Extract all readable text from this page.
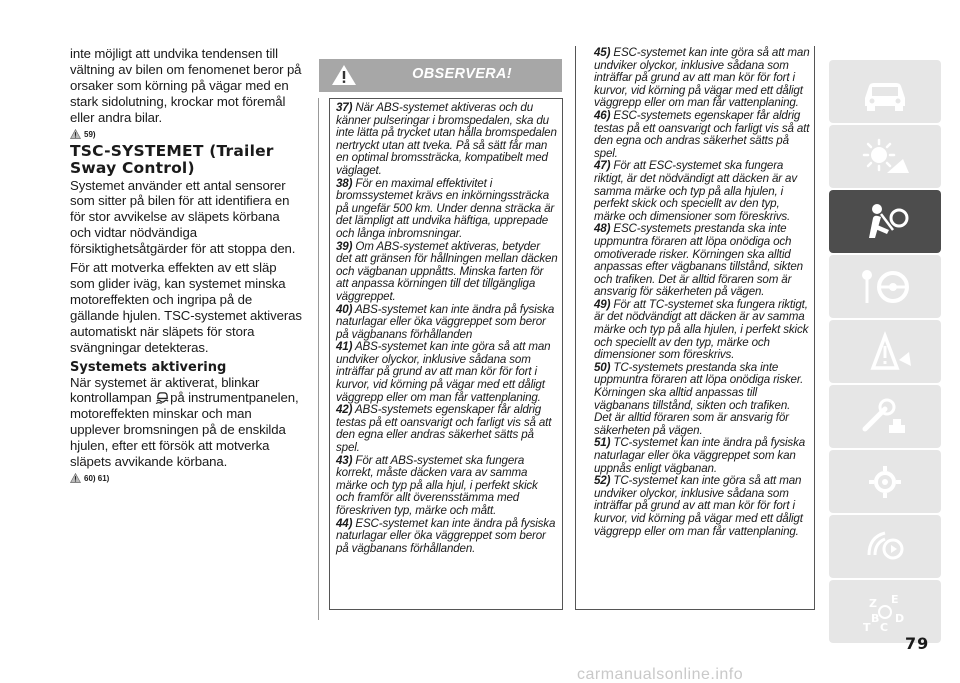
inte möjligt att undvika tendensen till vältning av bilen om fenomenet beror på orsaker som körning på vägar med en stark sidolutning, krockar mot föremål eller andra bilar.

59)
TSC-SYSTEMET (Trailer Sway Control)

Systemet använder ett antal sensorer som sitter på bilen för att identifiera en för stor avvikelse av släpets körbana och vidtar nödvändiga försiktighetsåtgärder för att stoppa den.

För att motverka effekten av ett släp som glider iväg, kan systemet minska motoreffekten och ingripa på de gällande hjulen. TSC-systemet aktiveras automatiskt när släpets för stora svängningar detekteras.

Systemets aktivering

När systemet är aktiverat, blinkar kontrollampan på instrumentpanelen, motoreffekten minskar och man upplever bromsningen på de enskilda hjulen, efter ett försök att motverka släpets avvikande körbana.

60) 61)
OBSERVERA!

37) När ABS-systemet aktiveras och du känner pulseringar i bromspedalen, ska du inte lätta på trycket utan hålla bromspedalen nertryckt utan att tveka. På så sätt får man en optimal bromssträcka, kompatibelt med väglaget.

38) För en maximal effektivitet i bromssystemet krävs en inkörningssträcka på ungefär 500 km. Under denna sträcka är det lämpligt att undvika häftiga, upprepade och långa inbromsningar.

39) Om ABS-systemet aktiveras, betyder det att gränsen för hållningen mellan däcken och vägbanan uppnåtts. Minska farten för att anpassa körningen till det tillgängliga väggreppet.

40) ABS-systemet kan inte ändra på fysiska naturlagar eller öka väggreppet som beror på vägbanans förhållanden

41) ABS-systemet kan inte göra så att man undviker olyckor, inklusive sådana som inträffar på grund av att man kör för fort i kurvor, vid körning på vägar med ett dåligt väggrepp eller om man får vattenplaning.

42) ABS-systemets egenskaper får aldrig testas på ett oansvarigt och farligt vis så att den egna eller andras säkerhet sätts på spel.

43) För att ABS-systemet ska fungera korrekt, måste däcken vara av samma märke och typ på alla hjul, i perfekt skick och framför allt överensstämma med föreskriven typ, märke och mått.

44) ESC-systemet kan inte ändra på fysiska naturlagar eller öka väggreppet som beror på vägbanans förhållanden.

45) ESC-systemet kan inte göra så att man undviker olyckor, inklusive sådana som inträffar på grund av att man kör för fort i kurvor, vid körning på vägar med ett dåligt väggrepp eller om man får vattenplaning.

46) ESC-systemets egenskaper får aldrig testas på ett oansvarigt och farligt vis så att den egna och andras säkerhet sätts på spel.

47) För att ESC-systemet ska fungera riktigt, är det nödvändigt att däcken är av samma märke och typ på alla hjulen, i perfekt skick och speciellt av den typ, märke och dimensioner som föreskrivs.

48) ESC-systemets prestanda ska inte uppmuntra föraren att löpa onödiga och omotiverade risker. Körningen ska alltid anpassas efter vägbanans tillstånd, sikten och trafiken. Det är alltid föraren som är ansvarig för säkerheten på vägen.

49) För att TC-systemet ska fungera riktigt, är det nödvändigt att däcken är av samma märke och typ på alla hjulen, i perfekt skick och speciellt av den typ, märke och dimensioner som föreskrivs.

50) TC-systemets prestanda ska inte uppmuntra föraren att löpa onödiga risker. Körningen ska alltid anpassas till vägbanans tillstånd, sikten och trafiken. Det är alltid föraren som är ansvarig för säkerheten på vägen.

51) TC-systemet kan inte ändra på fysiska naturlagar eller öka väggreppet som kan uppnås enligt vägbanan.

52) TC-systemet kan inte göra så att man undviker olyckor, inklusive sådana som inträffar på grund av att man kör för fort i kurvor, vid körning på vägar med ett dåligt väggrepp eller om man får vattenplaning.

Z E
B D
C
T
79
carmanualsonline.info
